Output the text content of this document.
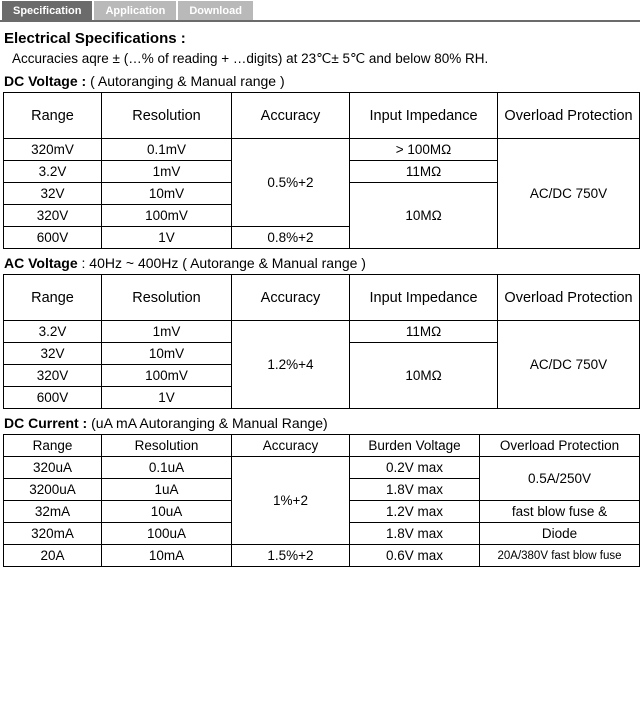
Specification	Application	Download
Electrical Specifications :

Accuracies aqre ± (…% of reading + …digits) at 23℃± 5℃ and below 80% RH.

DC Voltage : ( Autoranging & Manual range )
Range	Resolution	Accuracy	Input Impedance	Overload Protection
320mV	0.1mV	0.5%+2	> 100MΩ	AC/DC 750V
3.2V	1mV		11MΩ	
32V	10mV		10MΩ	
320V	100mV			
600V	1V	0.8%+2		
AC Voltage : 40Hz ~ 400Hz ( Autorange & Manual range )
Range	Resolution	Accuracy	Input Impedance	Overload Protection
3.2V	1mV	1.2%+4	11MΩ	AC/DC 750V
32V	10mV		10MΩ	
320V	100mV			
600V	1V			
DC Current : (uA mA Autoranging & Manual Range)
Range	Resolution	Accuracy	Burden Voltage	Overload Protection
320uA	0.1uA	1%+2	0.2V max	0.5A/250V
3200uA	1uA		1.8V max	
32mA	10uA		1.2V max	fast blow fuse &
320mA	100uA		1.8V max	Diode
20A	10mA	1.5%+2	0.6V max	20A/380V fast blow fuse
